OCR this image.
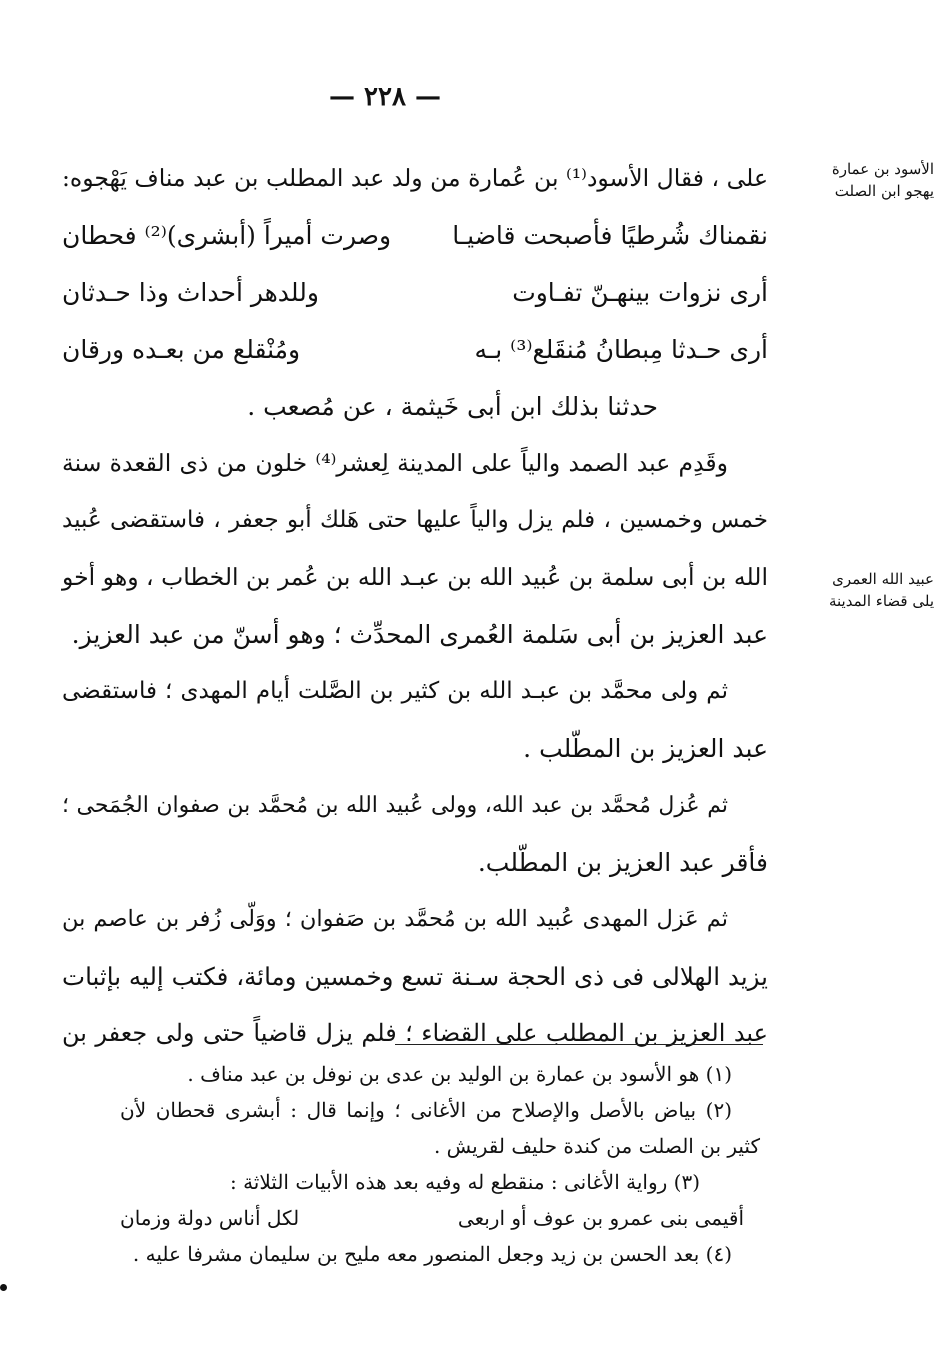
— ٢٢٨ —
الأسود بن عمارة
يهجو ابن الصلت
عبيد الله العمرى
يلى قضاء المدينة
على ، فقال الأسود⁽¹⁾ بن عُمارة من ولد عبد المطلب بن عبد مناف يَهْجوه:
نقمناك شُرطيًا فأصبحت قاضيـا
وصرت أميراً (أبشرى)⁽²⁾ فحطان
أرى نزوات بينهـنّ تفـاوت
وللدهر أحداث وذا حـدثان
أرى حـدثا مِبطانُ مُنقَلع⁽³⁾ بـه
ومُنْقلع من بعـده ورقان
حدثنا بذلك ابن أبى خَيثمة ، عن مُصعب .
وقَدِم عبد الصمد والياً على المدينة لِعشر⁽⁴⁾ خلون من ذى القعدة سنة
خمس وخمسين ، فلم يزل والياً عليها حتى هَلك أبو جعفر ، فاستقضى عُبيد
الله بن أبى سلمة بن عُبيد الله بن عبـد الله بن عُمر بن الخطاب ، وهو أخو
عبد العزيز بن أبى سَلمة العُمرى المحدِّث ؛ وهو أسنّ من عبد العزيز.
ثم ولى محمَّد بن عبـد الله بن كثير بن الصَّلت أيام المهدى ؛ فاستقضى
عبد العزيز بن المطّلب .
ثم عُزل مُحمَّد بن عبد الله، وولى عُبيد الله بن مُحمَّد بن صفوان الجُمَحى ؛
فأقر عبد العزيز بن المطّلب.
ثم عَزل المهدى عُبيد الله بن مُحمَّد بن صَفوان ؛ ووَلّى زُفر بن عاصم بن
يزيد الهلالى فى ذى الحجة سـنة تسع وخمسين ومائة، فكتب إليه بإثبات
عبد العزيز بن المطلب على القضاء ؛ فلم يزل قاضياً حتى ولى جعفر بن
(١) هو الأسود بن عمارة بن الوليد بن عدى بن نوفل بن عبد مناف .
(٢) بياض بالأصل والإصلاح من الأغانى ؛ وإنما قال : أبشرى قحطان لأن
كثير بن الصلت من كندة حليف لقريش .
(٣) رواية الأغانى : منقطع له وفيه بعد هذه الأبيات الثلاثة :
أقيمى بنى عمرو بن عوف أو اربعى
لكل أناس دولة وزمان
(٤) بعد الحسن بن زيد وجعل المنصور معه مليح بن سليمان مشرفا عليه .
